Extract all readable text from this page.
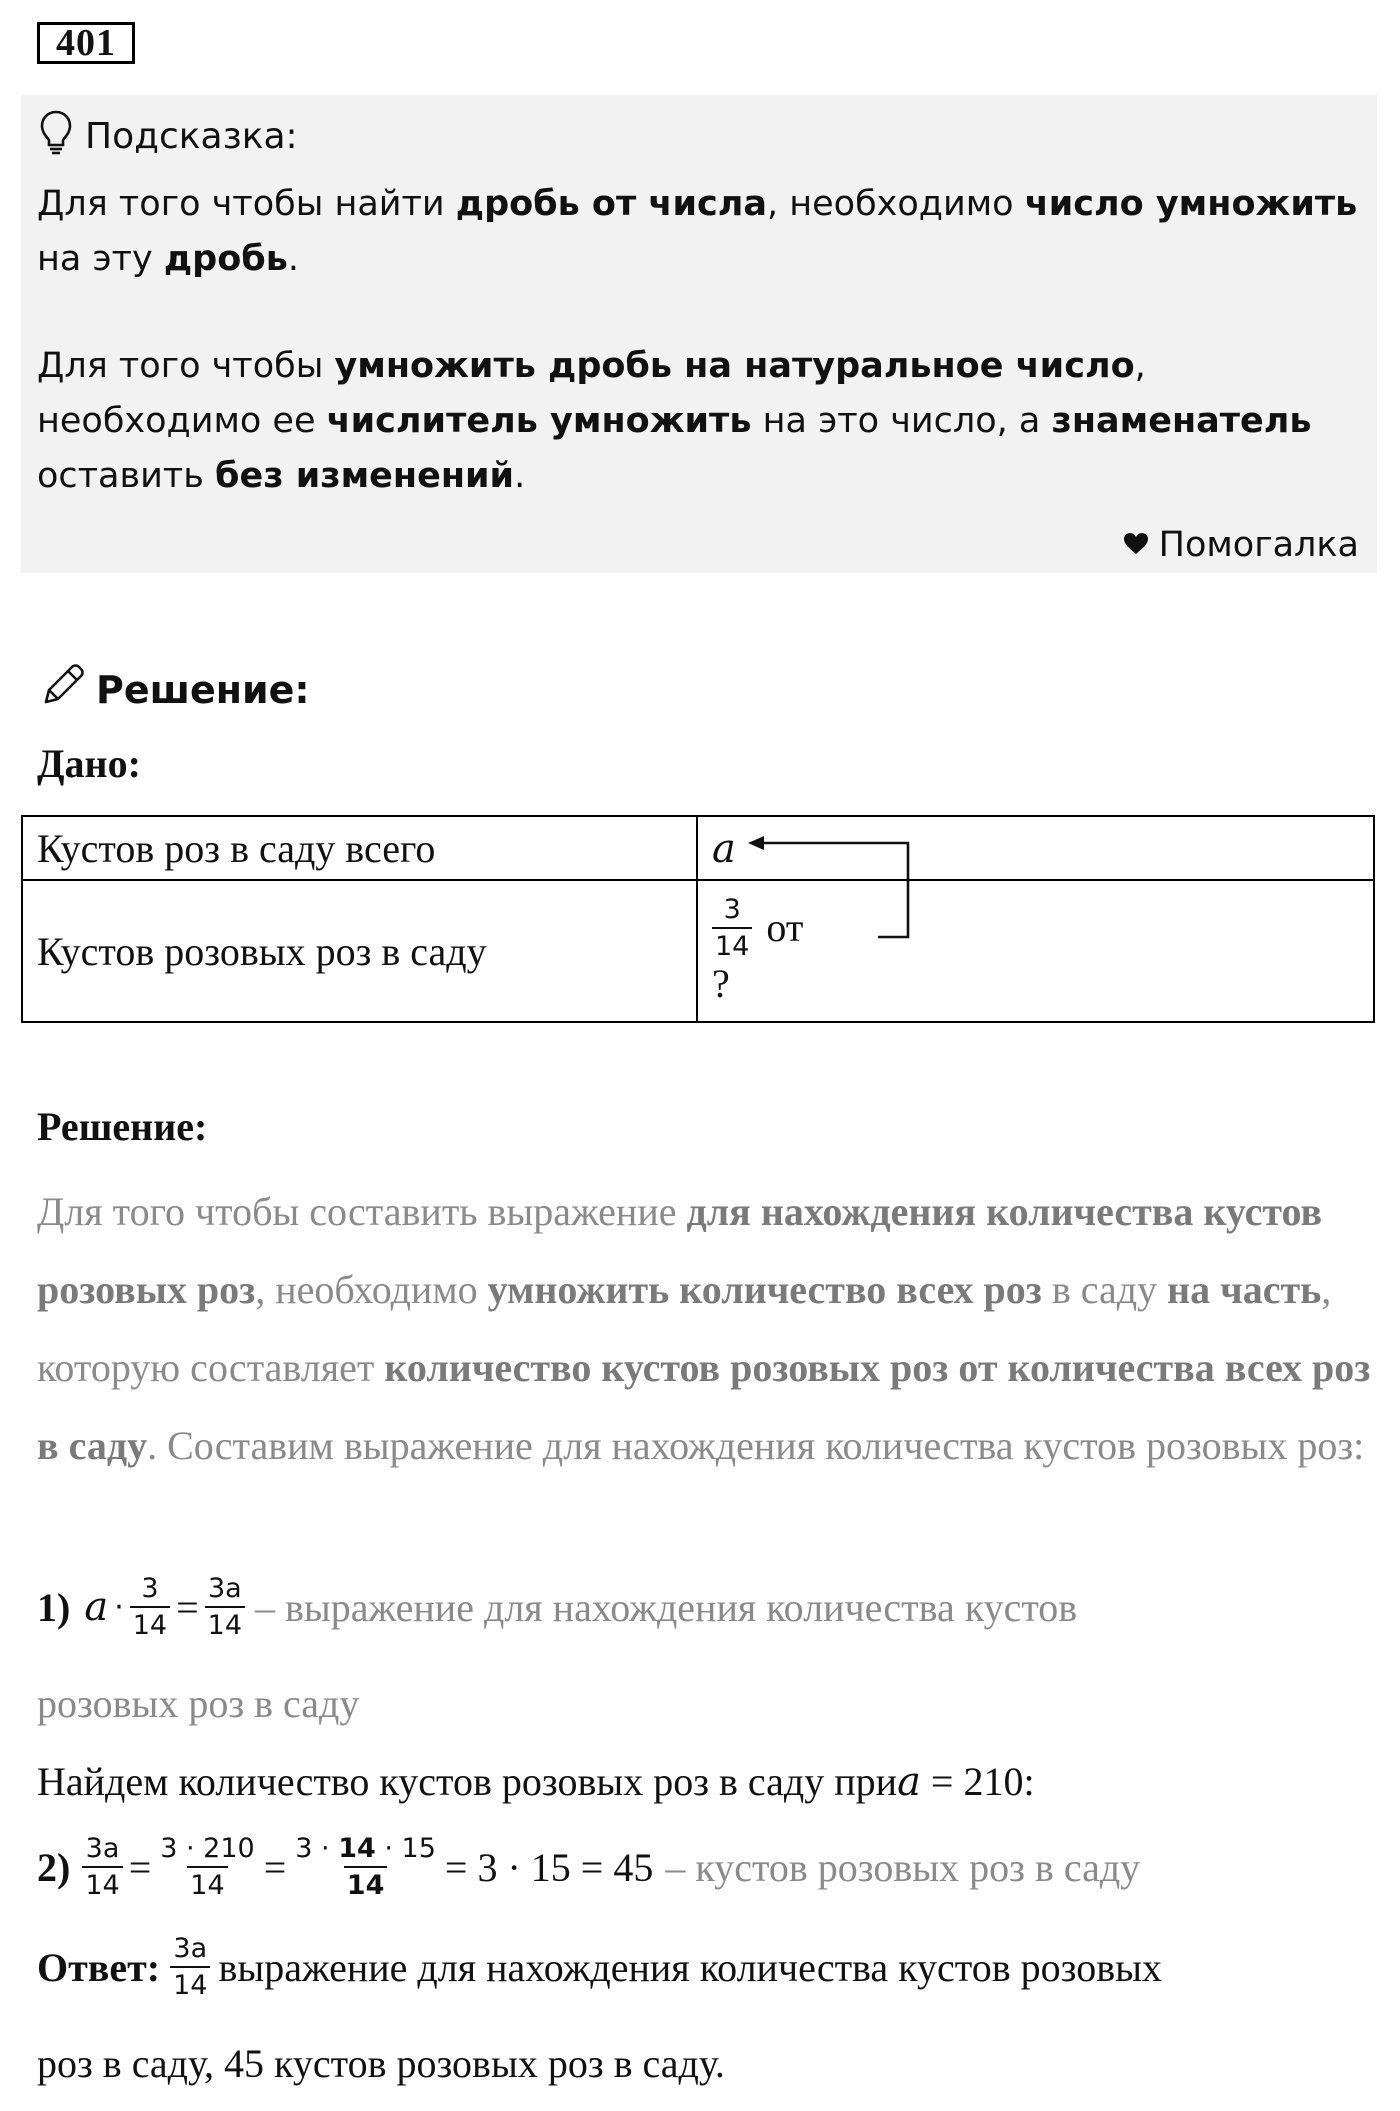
401
Подсказка:
Для того чтобы найти дробь от числа, необходимо число умножить на эту дробь.
Для того чтобы умножить дробь на натуральное число, необходимо ее числитель умножить на это число, а знаменатель оставить без изменений.
Помогалка
Решение:
Дано:
Кустов роз в саду всего	a

Кустов розовых роз в саду	$\frac{3}{14}$ от
?
Решение:
Для того чтобы составить выражение для нахождения количества кустов розовых роз, необходимо умножить количество всех роз в саду на часть, которую составляет количество кустов розовых роз от количества всех роз в саду. Составим выражение для нахождения количества кустов розовых роз:
1) $a \cdot \frac{3}{14} = \frac{3a}{14}$ – выражение для нахождения количества кустов
розовых роз в саду
Найдем количество кустов розовых роз в саду при a = 210:
$2) \frac{3a}{14} = \frac{3 \cdot 210}{14} = \frac{3 \cdot 14 \cdot 15}{14} = 3 \cdot 15 = 45$ – кустов розовых роз в саду
Ответ: $\frac{3a}{14}$ выражение для нахождения количества кустов розовых
роз в саду, 45 кустов розовых роз в саду.
